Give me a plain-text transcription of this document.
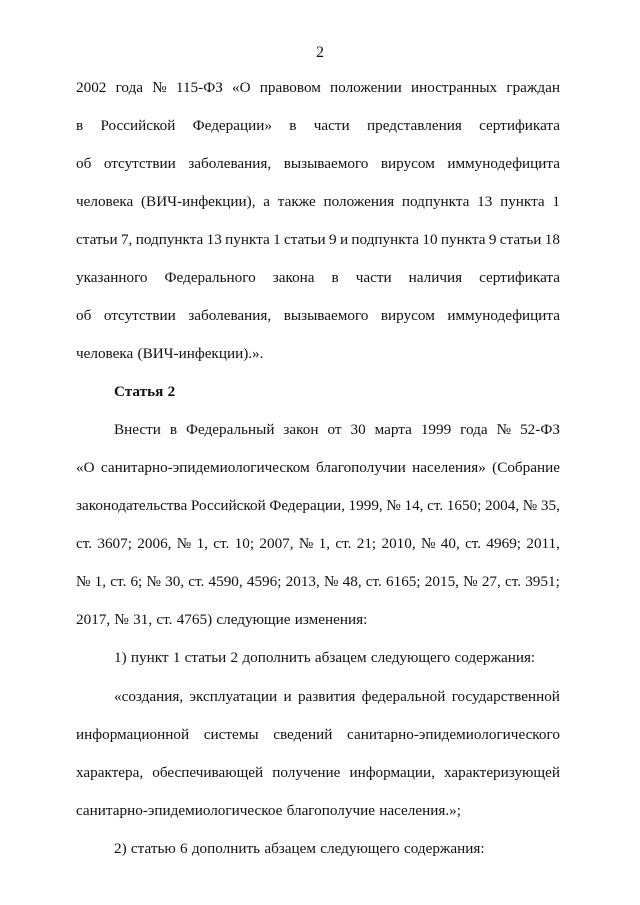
2
2002 года № 115-ФЗ «О правовом положении иностранных граждан
в Российской Федерации» в части представления сертификата
об отсутствии заболевания, вызываемого вирусом иммунодефицита
человека (ВИЧ-инфекции), а также положения подпункта 13 пункта 1
статьи 7, подпункта 13 пункта 1 статьи 9 и подпункта 10 пункта 9 статьи 18
указанного Федерального закона в части наличия сертификата
об отсутствии заболевания, вызываемого вирусом иммунодефицита
человека (ВИЧ-инфекции).».
Статья 2
Внести в Федеральный закон от 30 марта 1999 года № 52-ФЗ
«О санитарно-эпидемиологическом благополучии населения» (Собрание
законодательства Российской Федерации, 1999, № 14, ст. 1650; 2004, № 35,
ст. 3607; 2006, № 1, ст. 10; 2007, № 1, ст. 21; 2010, № 40, ст. 4969; 2011,
№ 1, ст. 6; № 30, ст. 4590, 4596; 2013, № 48, ст. 6165; 2015, № 27, ст. 3951;
2017, № 31, ст. 4765) следующие изменения:
1) пункт 1 статьи 2 дополнить абзацем следующего содержания:
«создания, эксплуатации и развития федеральной государственной
информационной системы сведений санитарно-эпидемиологического
характера, обеспечивающей получение информации, характеризующей
санитарно-эпидемиологическое благополучие населения.»;
2) статью 6 дополнить абзацем следующего содержания:
